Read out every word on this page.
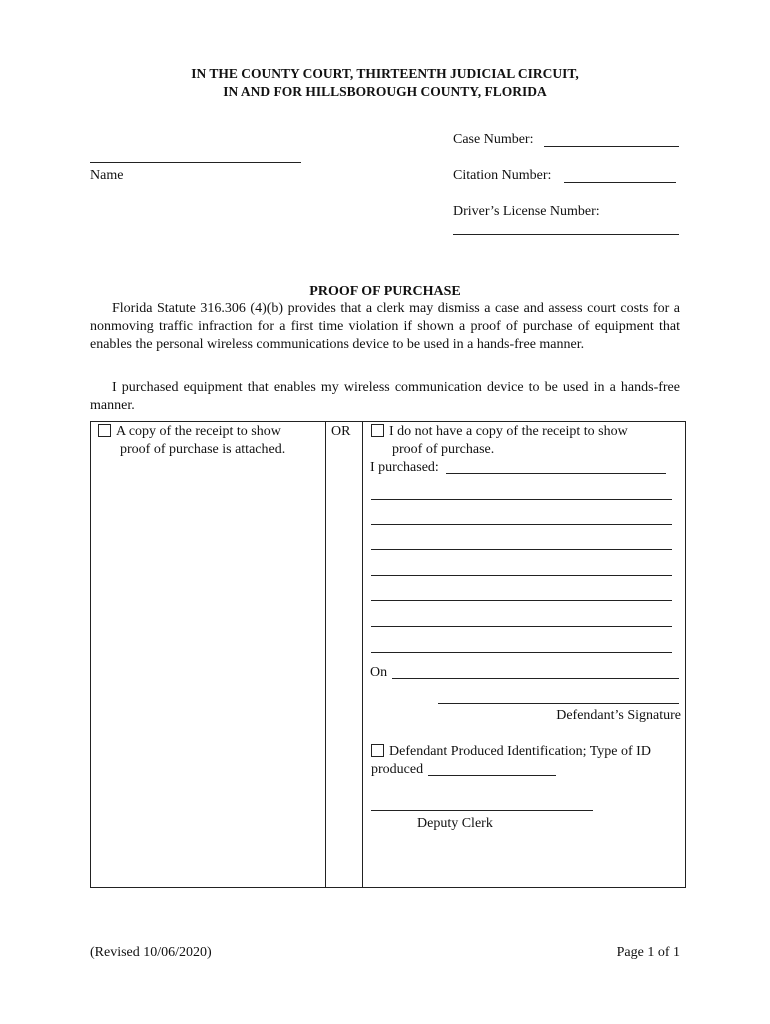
IN THE COUNTY COURT, THIRTEENTH JUDICIAL CIRCUIT,
IN AND FOR HILLSBOROUGH COUNTY, FLORIDA
Case Number:
Name	Citation Number:
Driver’s License Number:
PROOF OF PURCHASE
Florida Statute 316.306 (4)(b) provides that a clerk may dismiss a case and assess court costs for a nonmoving traffic infraction for a first time violation if shown a proof of purchase of equipment that enables the personal wireless communications device to be used in a hands-free manner.
I purchased equipment that enables my wireless communication device to be used in a hands-free manner.
A copy of the receipt to show
proof of purchase is attached.
OR	I do not have a copy of the receipt to show
proof of purchase.
I purchased:
On
Defendant’s Signature
Defendant Produced Identification; Type of ID
produced
Deputy Clerk
(Revised 10/06/2020)	Page 1 of 1
